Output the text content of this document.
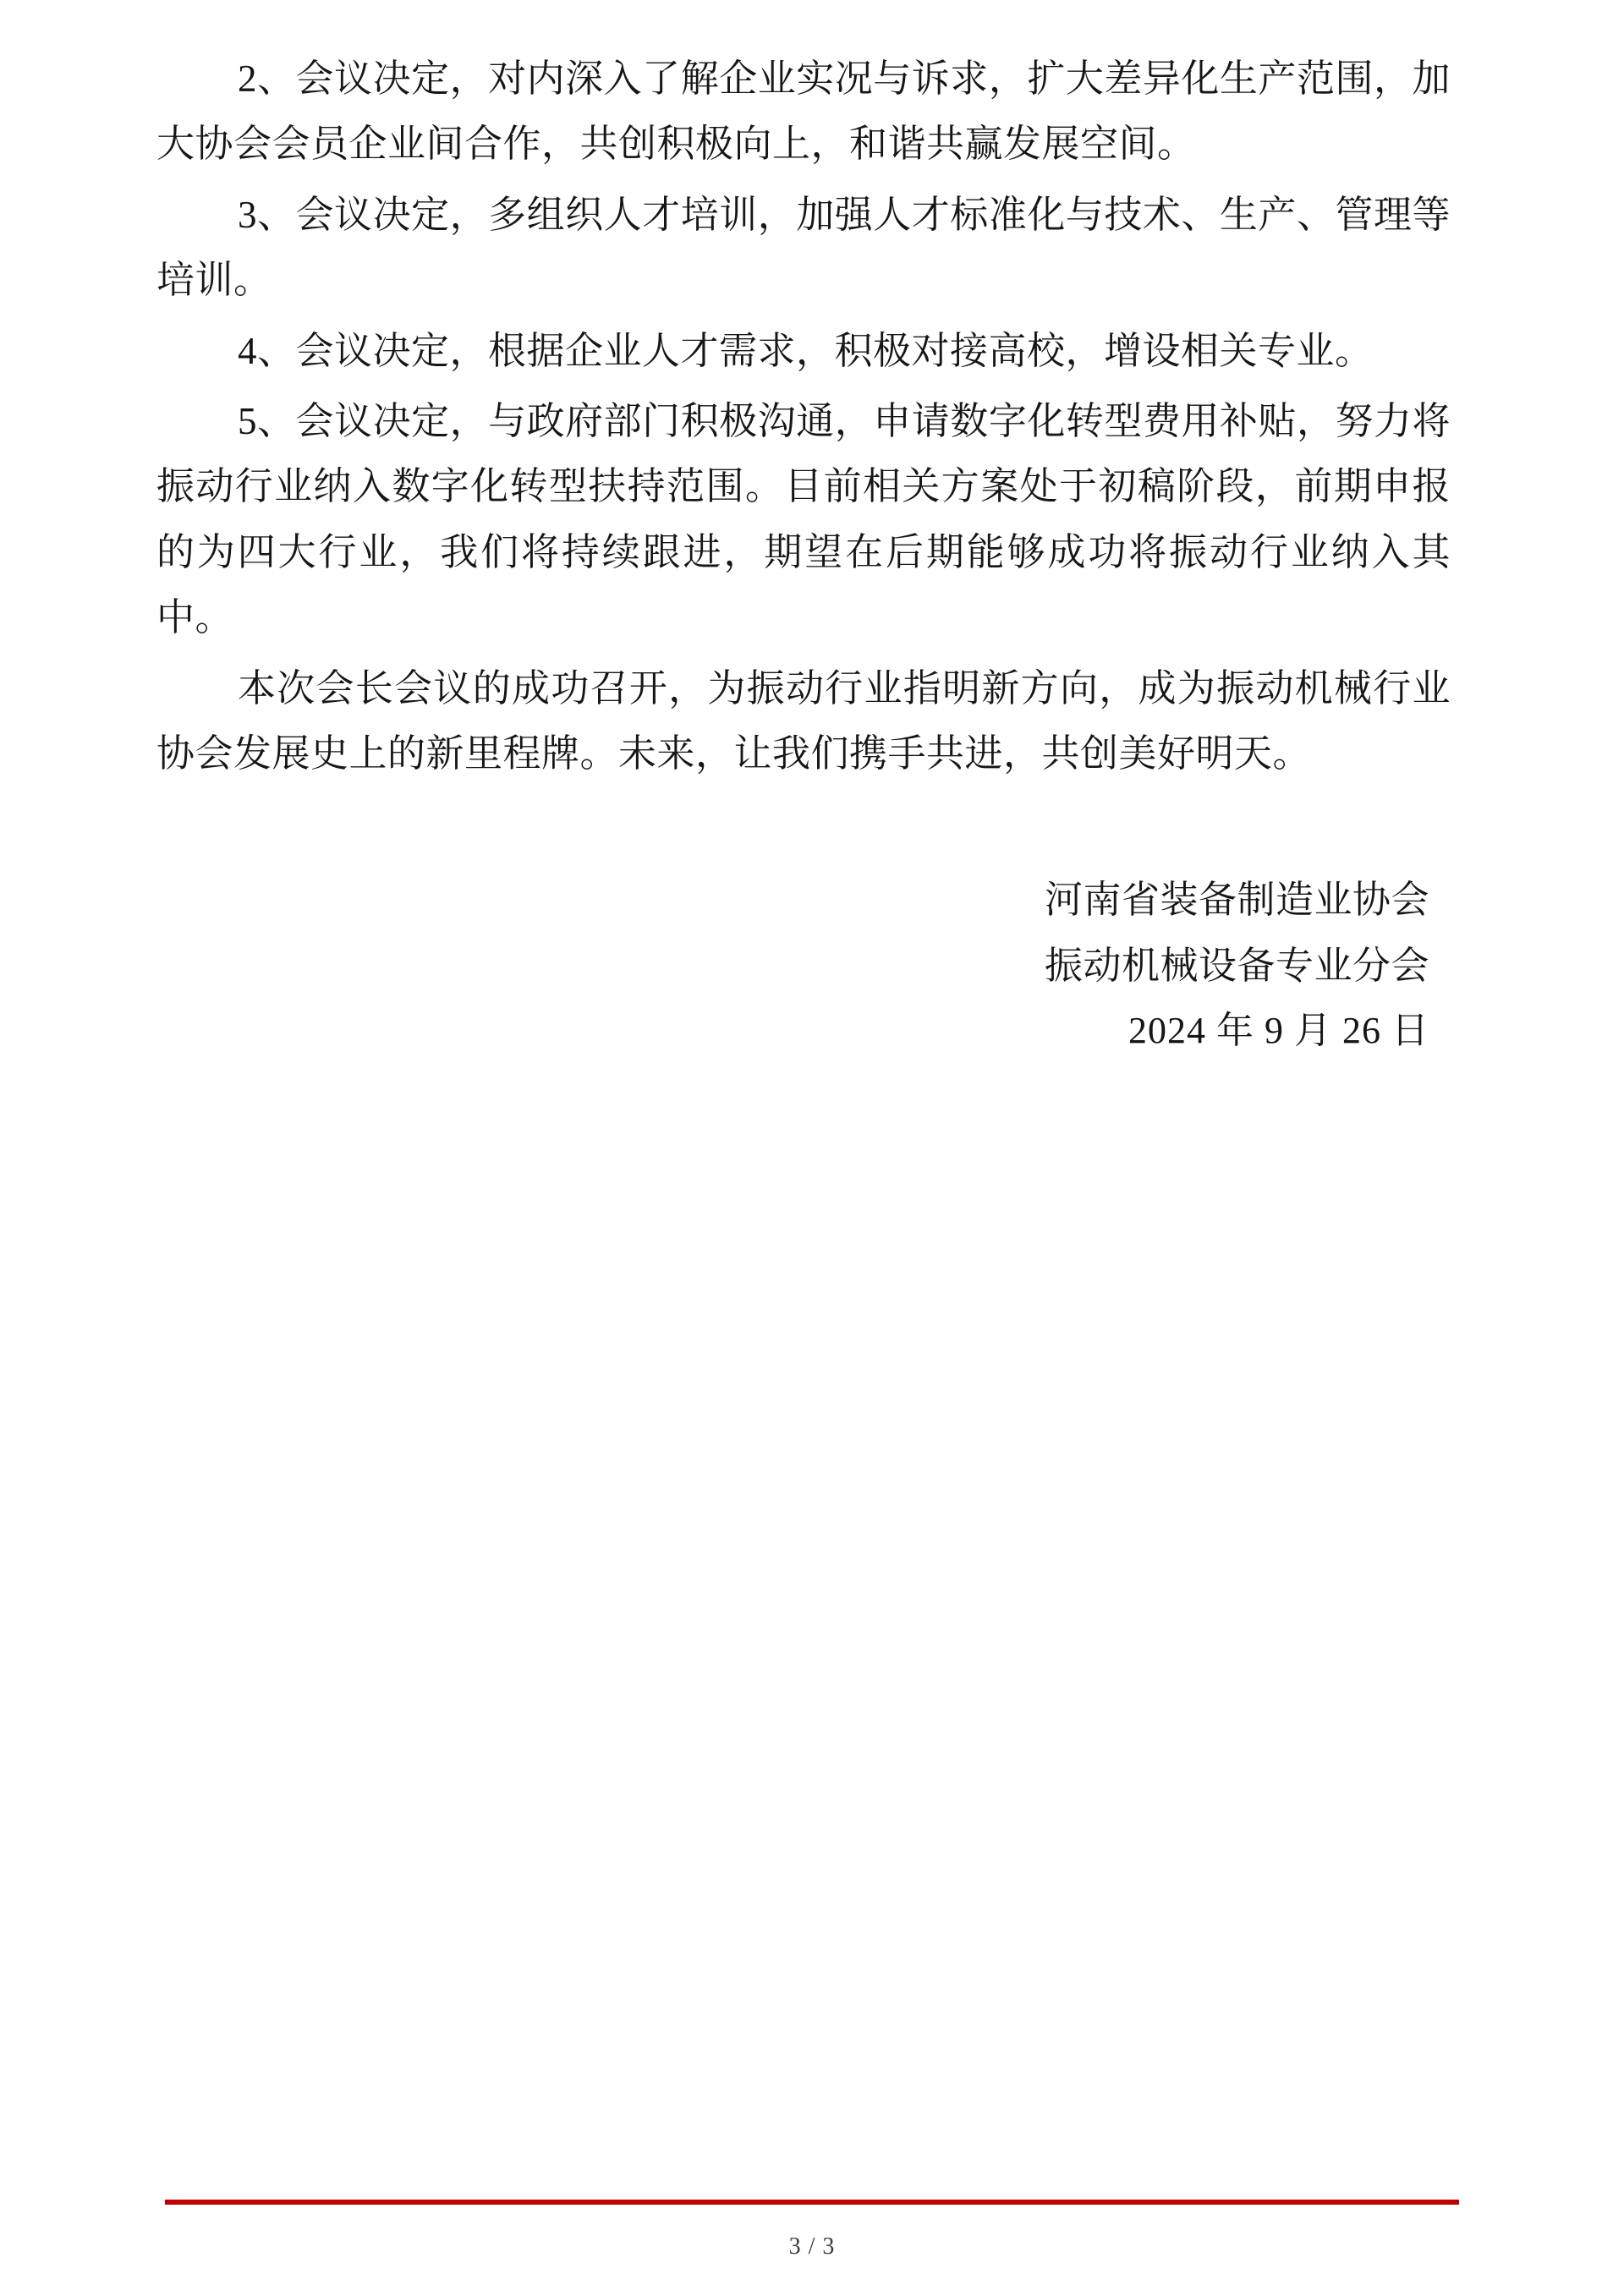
2、会议决定，对内深入了解企业实况与诉求，扩大差异化生产范围，加大协会会员企业间合作，共创积极向上，和谐共赢发展空间。

3、会议决定，多组织人才培训，加强人才标准化与技术、生产、管理等培训。

4、会议决定，根据企业人才需求，积极对接高校，增设相关专业。

5、会议决定，与政府部门积极沟通，申请数字化转型费用补贴，努力将振动行业纳入数字化转型扶持范围。目前相关方案处于初稿阶段，前期申报的为四大行业，我们将持续跟进，期望在后期能够成功将振动行业纳入其中。

本次会长会议的成功召开，为振动行业指明新方向，成为振动机械行业协会发展史上的新里程牌。未来，让我们携手共进，共创美好明天。

河南省装备制造业协会
振动机械设备专业分会
2024 年 9 月 26 日
3 / 3
